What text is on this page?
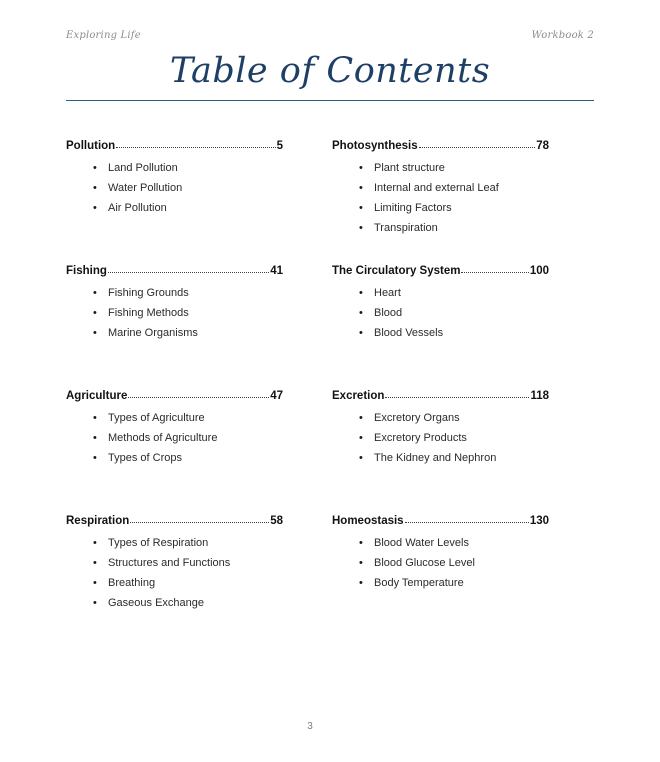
Exploring Life	Workbook 2
Table of Contents
Pollution	5
• Land Pollution
• Water Pollution
• Air Pollution
Fishing	41
• Fishing Grounds
• Fishing Methods
• Marine Organisms
Agriculture	47
• Types of Agriculture
• Methods of Agriculture
• Types of Crops
Respiration	58
• Types of Respiration
• Structures and Functions
• Breathing
• Gaseous Exchange
Photosynthesis	78
• Plant structure
• Internal and external Leaf
• Limiting Factors
• Transpiration
The Circulatory System	100
• Heart
• Blood
• Blood Vessels
Excretion	118
• Excretory Organs
• Excretory Products
• The Kidney and Nephron
Homeostasis	130
• Blood Water Levels
• Blood Glucose Level
• Body Temperature
3
